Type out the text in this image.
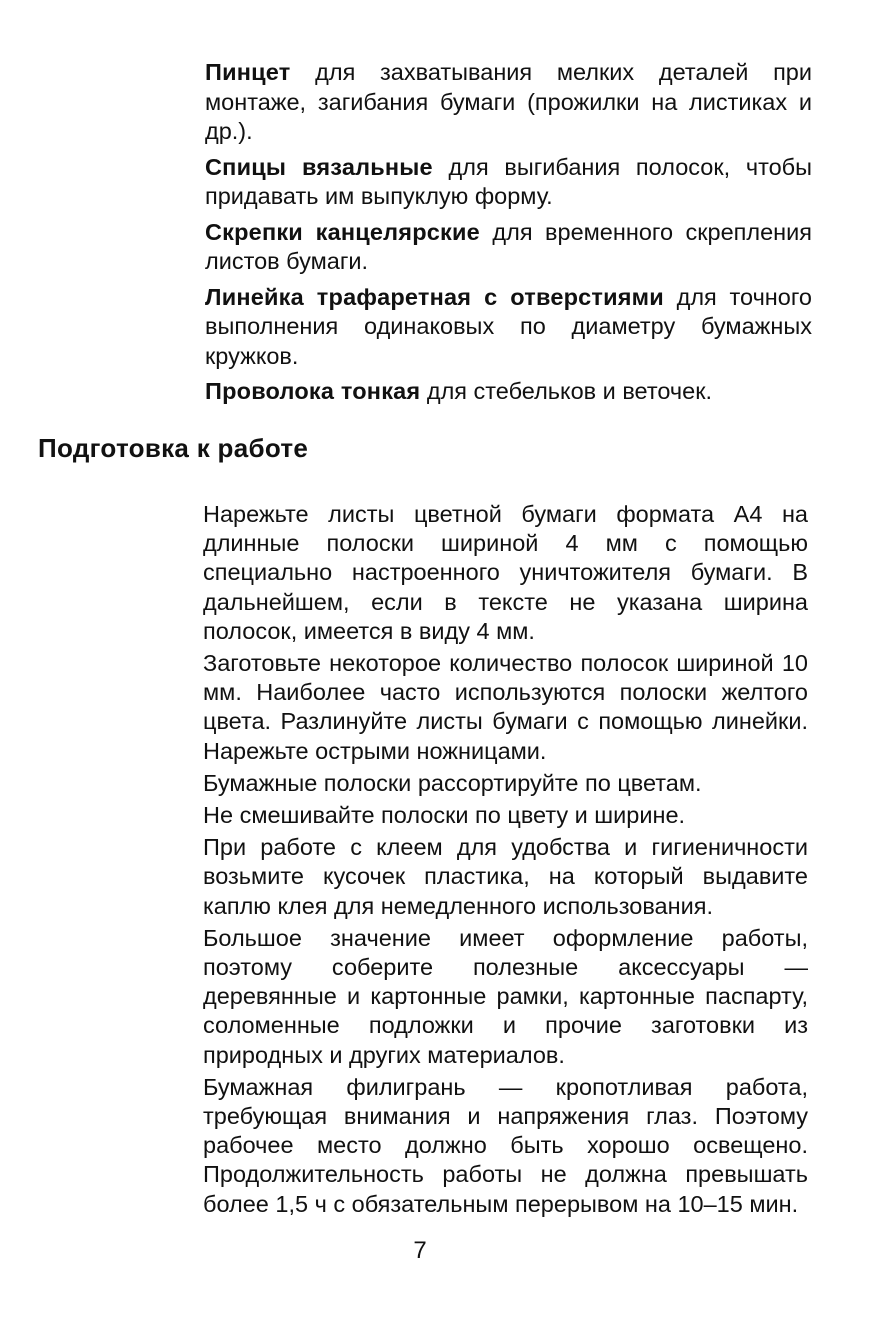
Пинцет для захватывания мелких деталей при монтаже, загибания бумаги (прожилки на листиках и др.).

Спицы вязальные для выгибания полосок, чтобы придавать им выпуклую форму.

Скрепки канцелярские для временного скрепления листов бумаги.

Линейка трафаретная с отверстиями для точного выполнения одинаковых по диаметру бумажных кружков.

Проволока тонкая для стебельков и веточек.

Подготовка к работе

Нарежьте листы цветной бумаги формата А4 на длинные полоски шириной 4 мм с помощью специально настроенного уничтожителя бумаги. В дальнейшем, если в тексте не указана ширина полосок, имеется в виду 4 мм.

Заготовьте некоторое количество полосок шириной 10 мм. Наиболее часто используются полоски желтого цвета. Разлинуйте листы бумаги с помощью линейки. Нарежьте острыми ножницами.

Бумажные полоски рассортируйте по цветам.

Не смешивайте полоски по цвету и ширине.

При работе с клеем для удобства и гигиеничности возьмите кусочек пластика, на который выдавите каплю клея для немедленного использования.

Большое значение имеет оформление работы, поэтому соберите полезные аксессуары — деревянные и картонные рамки, картонные паспарту, соломенные подложки и прочие заготовки из природных и других материалов.

Бумажная филигрань — кропотливая работа, требующая внимания и напряжения глаз. Поэтому рабочее место должно быть хорошо освещено. Продолжительность работы не должна превышать более 1,5 ч с обязательным перерывом на 10–15 мин.

7
